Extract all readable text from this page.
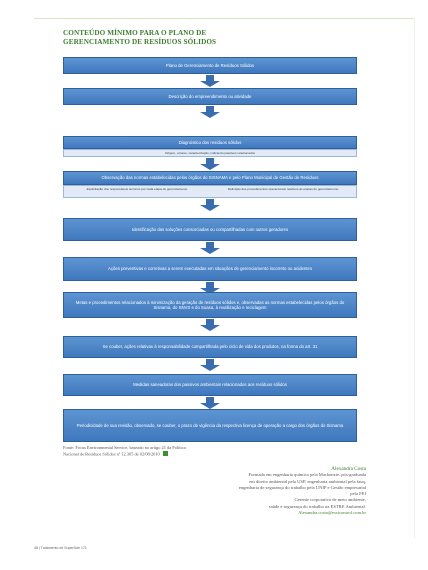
CONTEÚDO MÍNIMO PARA O PLANO DE
GERENCIAMENTO DE RESÍDUOS SÓLIDOS
Plano de Gerenciamento de Resíduos Sólidos
Descrição do empreendimento ou atividade
Diagnóstico dos resíduos sólidos
Origem, volume, caracterização, indicando passivos relacionados
Observação das normas estabelecidas pelos órgãos do SISNAMA e pelo Plano Municipal de Gestão de Resíduos
Explicitação dos responsáveis técnicos por cada etapa do gerenciamento	Definição dos procedimentos operacionais relativos às etapas do gerenciamento
Identificação das soluções consorciadas ou compartilhadas com outros geradores
Ações preventivas e corretivas a serem executadas em situações de gerenciamento incorreto ou acidentes
Metas e procedimentos relacionados à minimização da geração de resíduos sólidos e, observadas as normas estabelecidas pelos órgãos do Sisnama, do SNVS e do Suasa, à reutilização e reciclagem
Se couber, ações relativas à responsabilidade compartilhada pelo ciclo de vida dos produtos, na forma do art. 31
Medidas saneadoras dos passivos ambientais relacionados aos resíduos sólidos
Periodicidade de sua revisão, observado, se couber, o prazo de vigência da respectiva licença de operação a cargo dos órgãos do Sisnama
Fonte: Focus Environmental Service, baseado no artigo 21 da Política
Nacional de Resíduos Sólidos nº 12.305 de 02/08/2010

Alexandra Costa

Formada em engenharia química pela Mackenzie, pós-graduada

em direito ambiental pela USP, engenharia ambiental pela fauq,

engenharia de segurança do trabalho pela UNIP e Gestão empresarial

pela FEI

Gerente corporativa de meio ambiente,

saúde e segurança do trabalho na ESTRE Ambiental.

Alexandra.costa@essicontrol.com.br

48 | Tratamento de Superfície 171
